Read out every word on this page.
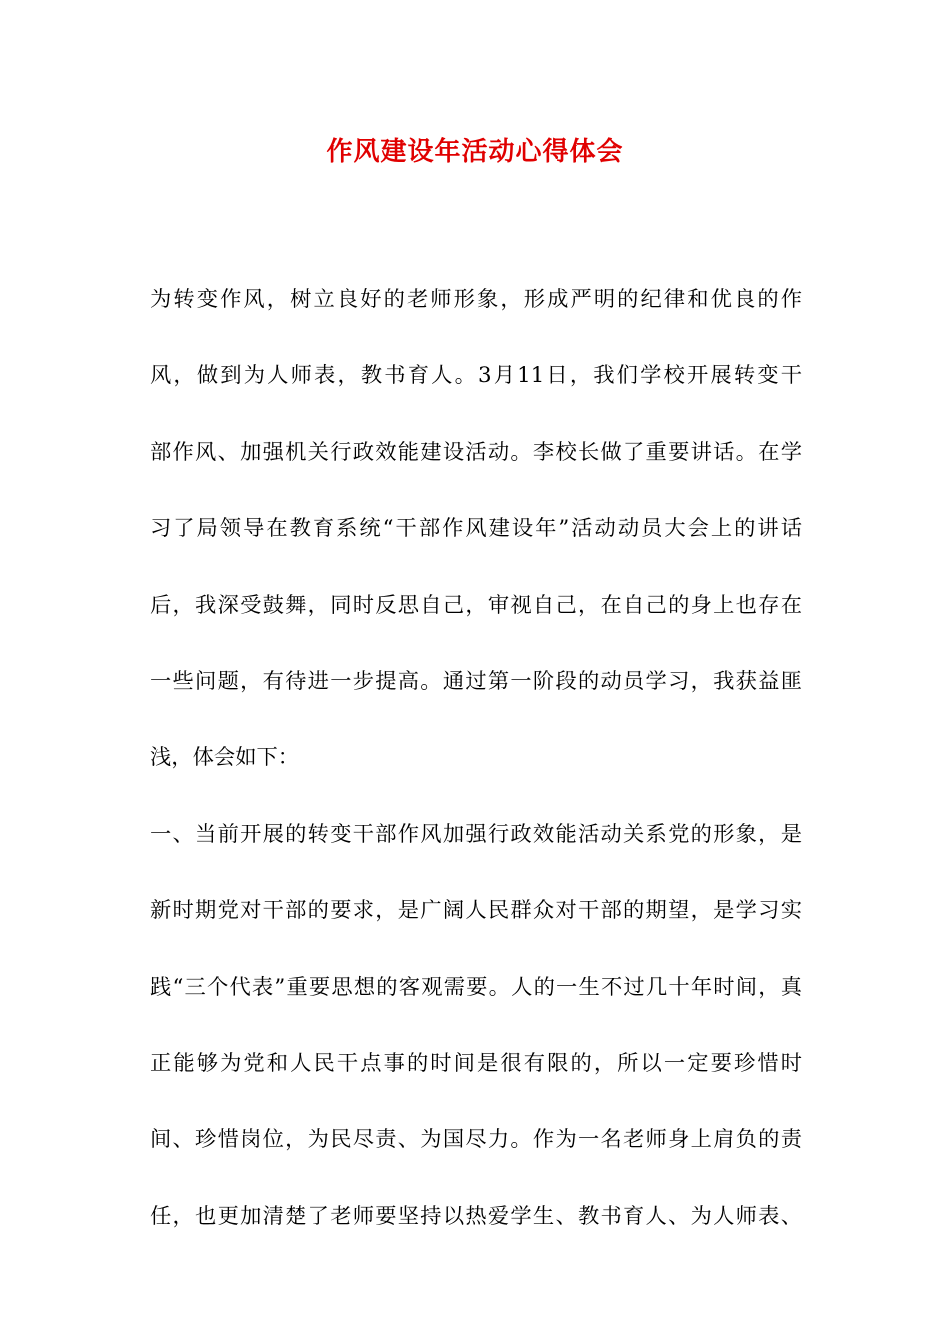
作风建设年活动心得体会
为转变作风，树立良好的老师形象，形成严明的纪律和优良的作
风，做到为人师表，教书育人。3月11日，我们学校开展转变干
部作风、加强机关行政效能建设活动。李校长做了重要讲话。在学
习了局领导在教育系统“干部作风建设年”活动动员大会上的讲话
后，我深受鼓舞，同时反思自己，审视自己，在自己的身上也存在
一些问题，有待进一步提高。通过第一阶段的动员学习，我获益匪
浅，体会如下：
一、当前开展的转变干部作风加强行政效能活动关系党的形象，是
新时期党对干部的要求，是广阔人民群众对干部的期望，是学习实
践“三个代表”重要思想的客观需要。人的一生不过几十年时间，真
正能够为党和人民干点事的时间是很有限的，所以一定要珍惜时
间、珍惜岗位，为民尽责、为国尽力。作为一名老师身上肩负的责
任，也更加清楚了老师要坚持以热爱学生、教书育人、为人师表、
